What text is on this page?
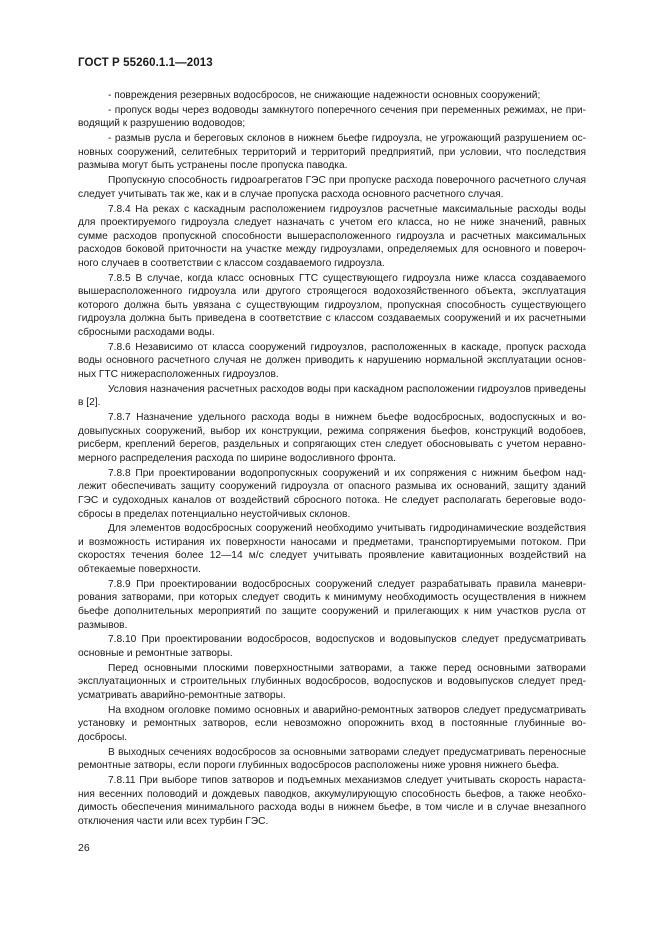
ГОСТ Р 55260.1.1—2013

- повреждения резервных водосбросов, не снижающие надежности основных сооружений;

- пропуск воды через водоводы замкнутого поперечного сечения при переменных режимах, не приводящий к разрушению водоводов;

- размыв русла и береговых склонов в нижнем бьефе гидроузла, не угрожающий разрушением основных сооружений, селитебных территорий и территорий предприятий, при условии, что последствия размыва могут быть устранены после пропуска паводка.

Пропускную способность гидроагрегатов ГЭС при пропуске расхода поверочного расчетного случая следует учитывать так же, как и в случае пропуска расхода основного расчетного случая.

7.8.4 На реках с каскадным расположением гидроузлов расчетные максимальные расходы воды для проектируемого гидроузла следует назначать с учетом его класса, но не ниже значений, равных сумме расходов пропускной способности вышерасположенного гидроузла и расчетных максимальных расходов боковой приточности на участке между гидроузлами, определяемых для основного и поверочного случаев в соответствии с классом создаваемого гидроузла.

7.8.5 В случае, когда класс основных ГТС существующего гидроузла ниже класса создаваемого вышерасположенного гидроузла или другого строящегося водохозяйственного объекта, эксплуатация которого должна быть увязана с существующим гидроузлом, пропускная способность существующего гидроузла должна быть приведена в соответствие с классом создаваемых сооружений и их расчетными сбросными расходами воды.

7.8.6 Независимо от класса сооружений гидроузлов, расположенных в каскаде, пропуск расхода воды основного расчетного случая не должен приводить к нарушению нормальной эксплуатации основных ГТС нижерасположенных гидроузлов.

Условия назначения расчетных расходов воды при каскадном расположении гидроузлов приведены в [2].

7.8.7 Назначение удельного расхода воды в нижнем бьефе водосбросных, водоспускных и водовыпускных сооружений, выбор их конструкции, режима сопряжения бьефов, конструкций водобоев, рисберм, креплений берегов, раздельных и сопрягающих стен следует обосновывать с учетом неравномерного распределения расхода по ширине водосливного фронта.

7.8.8 При проектировании водопропускных сооружений и их сопряжения с нижним бьефом надлежит обеспечивать защиту сооружений гидроузла от опасного размыва их оснований, защиту зданий ГЭС и судоходных каналов от воздействий сбросного потока. Не следует располагать береговые водосбросы в пределах потенциально неустойчивых склонов.

Для элементов водосбросных сооружений необходимо учитывать гидродинамические воздействия и возможность истирания их поверхности наносами и предметами, транспортируемыми потоком. При скоростях течения более 12—14 м/с следует учитывать проявление кавитационных воздействий на обтекаемые поверхности.

7.8.9 При проектировании водосбросных сооружений следует разрабатывать правила маневрирования затворами, при которых следует сводить к минимуму необходимость осуществления в нижнем бьефе дополнительных мероприятий по защите сооружений и прилегающих к ним участков русла от размывов.

7.8.10 При проектировании водосбросов, водоспусков и водовыпусков следует предусматривать основные и ремонтные затворы.

Перед основными плоскими поверхностными затворами, а также перед основными затворами эксплуатационных и строительных глубинных водосбросов, водоспусков и водовыпусков следует предусматривать аварийно-ремонтные затворы.

На входном оголовке помимо основных и аварийно-ремонтных затворов следует предусматривать установку и ремонтных затворов, если невозможно опорожнить вход в постоянные глубинные водосбросы.

В выходных сечениях водосбросов за основными затворами следует предусматривать переносные ремонтные затворы, если пороги глубинных водосбросов расположены ниже уровня нижнего бьефа.

7.8.11 При выборе типов затворов и подъемных механизмов следует учитывать скорость нарастания весенних половодий и дождевых паводков, аккумулирующую способность бьефов, а также необходимость обеспечения минимального расхода воды в нижнем бьефе, в том числе и в случае внезапного отключения части или всех турбин ГЭС.

26
